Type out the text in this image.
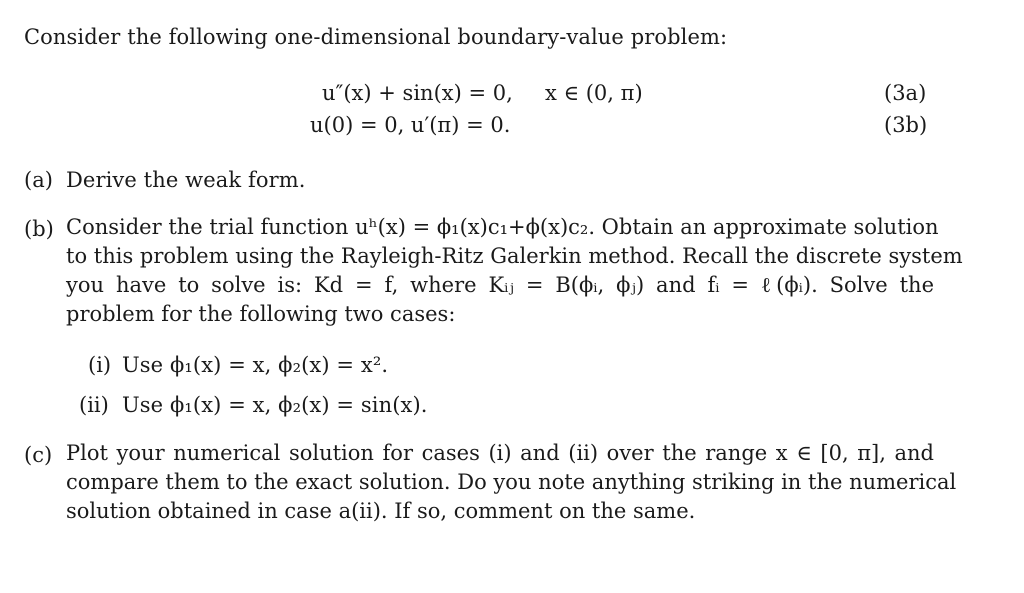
Consider the following one-dimensional boundary-value problem:
u″(x) + sin(x) = 0, x ∈ (0, π)	(3a)
u(0) = 0, u′(π) = 0.	(3b)
(a) Derive the weak form.
(b) Consider the trial function uʰ(x) = ϕ₁(x)c₁+ϕ(x)c₂. Obtain an approximate solution
to this problem using the Rayleigh-Ritz Galerkin method. Recall the discrete system
you have to solve is: Kd = f, where Kᵢⱼ = B(ϕᵢ, ϕⱼ) and fᵢ = ℓ(ϕᵢ). Solve the
problem for the following two cases:
(i) Use ϕ₁(x) = x, ϕ₂(x) = x².
(ii) Use ϕ₁(x) = x, ϕ₂(x) = sin(x).
(c) Plot your numerical solution for cases (i) and (ii) over the range x ∈ [0, π], and
compare them to the exact solution. Do you note anything striking in the numerical
solution obtained in case a(ii). If so, comment on the same.
